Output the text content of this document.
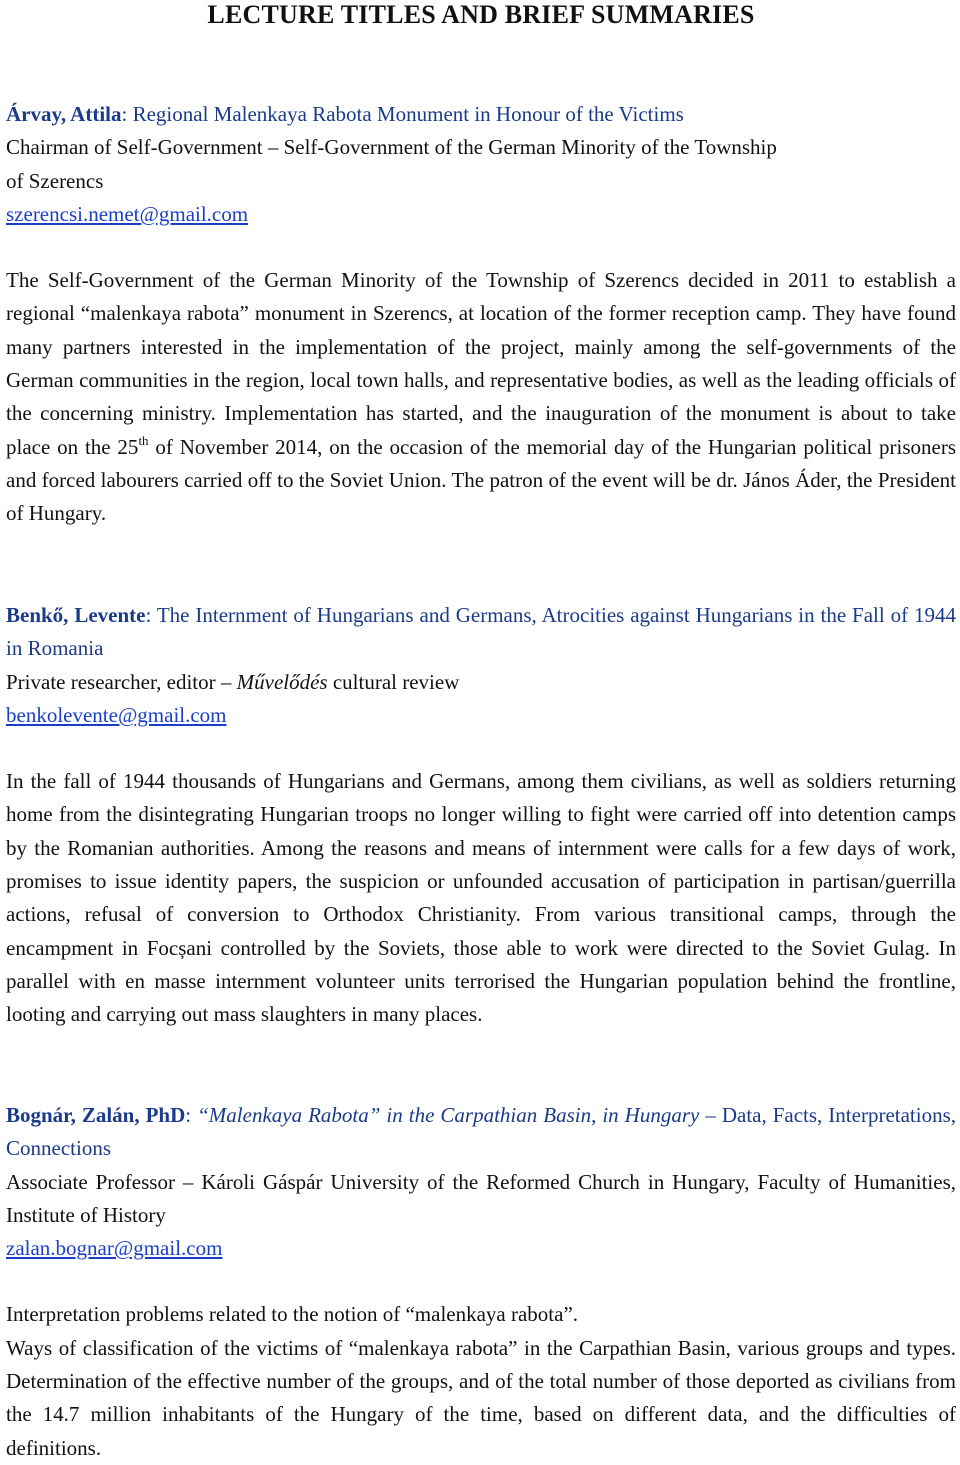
LECTURE TITLES AND BRIEF SUMMARIES
Árvay, Attila: Regional Malenkaya Rabota Monument in Honour of the Victims
Chairman of Self-Government – Self-Government of the German Minority of the Township
of Szerencs
szerencsi.nemet@gmail.com
The Self-Government of the German Minority of the Township of Szerencs decided in 2011 to establish a regional “malenkaya rabota” monument in Szerencs, at location of the former reception camp. They have found many partners interested in the implementation of the project, mainly among the self-governments of the German communities in the region, local town halls, and representative bodies, as well as the leading officials of the concerning ministry. Implementation has started, and the inauguration of the monument is about to take place on the 25th of November 2014, on the occasion of the memorial day of the Hungarian political prisoners and forced labourers carried off to the Soviet Union. The patron of the event will be dr. János Áder, the President of Hungary.
Benkő, Levente: The Internment of Hungarians and Germans, Atrocities against Hungarians in the Fall of 1944 in Romania
Private researcher, editor – Művelődés cultural review
benkolevente@gmail.com
In the fall of 1944 thousands of Hungarians and Germans, among them civilians, as well as soldiers returning home from the disintegrating Hungarian troops no longer willing to fight were carried off into detention camps by the Romanian authorities. Among the reasons and means of internment were calls for a few days of work, promises to issue identity papers, the suspicion or unfounded accusation of participation in partisan/guerrilla actions, refusal of conversion to Orthodox Christianity. From various transitional camps, through the encampment in Focșani controlled by the Soviets, those able to work were directed to the Soviet Gulag. In parallel with en masse internment volunteer units terrorised the Hungarian population behind the frontline, looting and carrying out mass slaughters in many places.
Bognár, Zalán, PhD: “Malenkaya Rabota” in the Carpathian Basin, in Hungary – Data, Facts, Interpretations, Connections
Associate Professor – Károli Gáspár University of the Reformed Church in Hungary, Faculty of Humanities, Institute of History
zalan.bognar@gmail.com
Interpretation problems related to the notion of “malenkaya rabota”.
Ways of classification of the victims of “malenkaya rabota” in the Carpathian Basin, various groups and types. Determination of the effective number of the groups, and of the total number of those deported as civilians from the 14.7 million inhabitants of the Hungary of the time, based on different data, and the difficulties of definitions.
